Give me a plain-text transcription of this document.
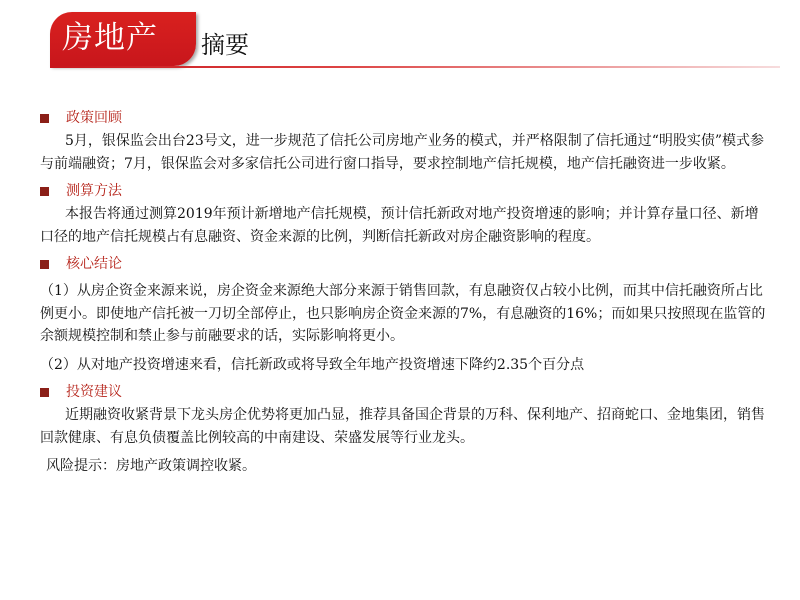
房地产 摘要
政策回顾

5月，银保监会出台23号文，进一步规范了信托公司房地产业务的模式，并严格限制了信托通过“明股实债”模式参与前端融资；7月，银保监会对多家信托公司进行窗口指导，要求控制地产信托规模，地产信托融资进一步收紧。

测算方法

本报告将通过测算2019年预计新增地产信托规模，预计信托新政对地产投资增速的影响；并计算存量口径、新增口径的地产信托规模占有息融资、资金来源的比例，判断信托新政对房企融资影响的程度。

核心结论

（1）从房企资金来源来说，房企资金来源绝大部分来源于销售回款，有息融资仅占较小比例，而其中信托融资所占比例更小。即使地产信托被一刀切全部停止，也只影响房企资金来源的7%，有息融资的16%；而如果只按照现在监管的余额规模控制和禁止参与前融要求的话，实际影响将更小。

（2）从对地产投资增速来看，信托新政或将导致全年地产投资增速下降约2.35个百分点

投资建议

近期融资收紧背景下龙头房企优势将更加凸显，推荐具备国企背景的万科、保利地产、招商蛇口、金地集团，销售回款健康、有息负债覆盖比例较高的中南建设、荣盛发展等行业龙头。

风险提示：房地产政策调控收紧。
